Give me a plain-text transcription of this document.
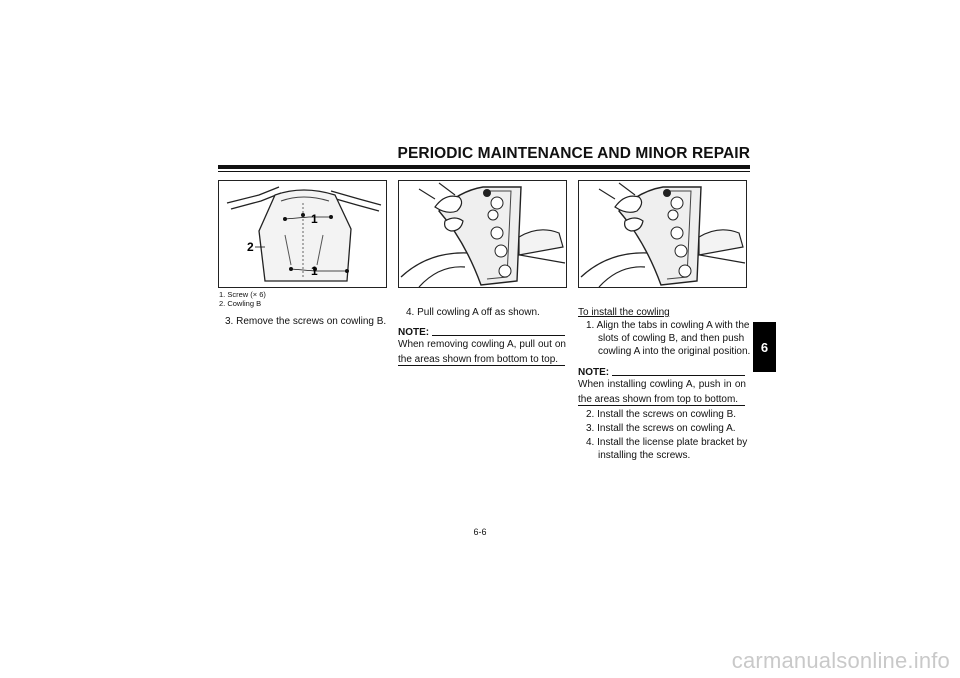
PERIODIC MAINTENANCE AND MINOR REPAIR
1
1
2
1. Screw (× 6)
2. Cowling B
3. Remove the screws on cowling B.
4. Pull cowling A off as shown.
NOTE:
When removing cowling A, pull out on the areas shown from bottom to top.
To install the cowling
1. Align the tabs in cowling A with the
slots of cowling B, and then push
cowling A into the original position.
NOTE:
When installing cowling A, push in on the areas shown from top to bottom.
2. Install the screws on cowling B.
3. Install the screws on cowling A.
4. Install the license plate bracket by
installing the screws.
6
6-6
carmanualsonline.info
